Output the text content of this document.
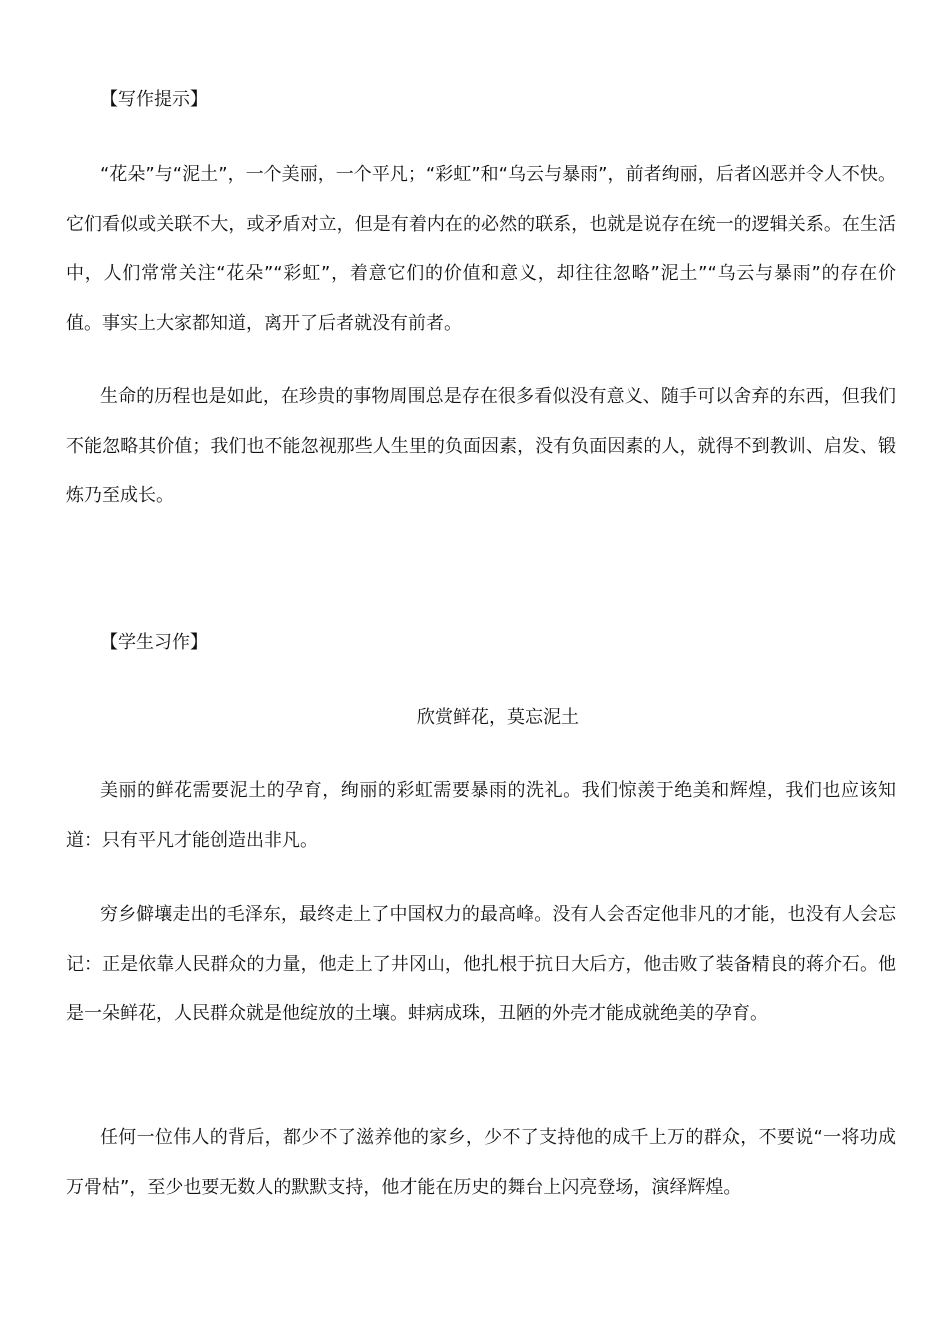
【写作提示】

“花朵”与“泥土”，一个美丽，一个平凡；“彩虹”和“乌云与暴雨”，前者绚丽，后者凶恶并令人不快。它们看似或关联不大，或矛盾对立，但是有着内在的必然的联系，也就是说存在统一的逻辑关系。在生活中，人们常常关注“花朵”“彩虹”，着意它们的价值和意义，却往往忽略”泥土”“乌云与暴雨”的存在价值。事实上大家都知道，离开了后者就没有前者。

生命的历程也是如此，在珍贵的事物周围总是存在很多看似没有意义、随手可以舍弃的东西，但我们不能忽略其价值；我们也不能忽视那些人生里的负面因素，没有负面因素的人，就得不到教训、启发、锻炼乃至成长。

【学生习作】
欣赏鲜花，莫忘泥土

美丽的鲜花需要泥土的孕育，绚丽的彩虹需要暴雨的洗礼。我们惊羡于绝美和辉煌，我们也应该知道：只有平凡才能创造出非凡。

穷乡僻壤走出的毛泽东，最终走上了中国权力的最高峰。没有人会否定他非凡的才能，也没有人会忘记：正是依靠人民群众的力量，他走上了井冈山，他扎根于抗日大后方，他击败了装备精良的蒋介石。他是一朵鲜花，人民群众就是他绽放的土壤。蚌病成珠，丑陋的外壳才能成就绝美的孕育。

任何一位伟人的背后，都少不了滋养他的家乡，少不了支持他的成千上万的群众，不要说“一将功成万骨枯”，至少也要无数人的默默支持，他才能在历史的舞台上闪亮登场，演绎辉煌。
